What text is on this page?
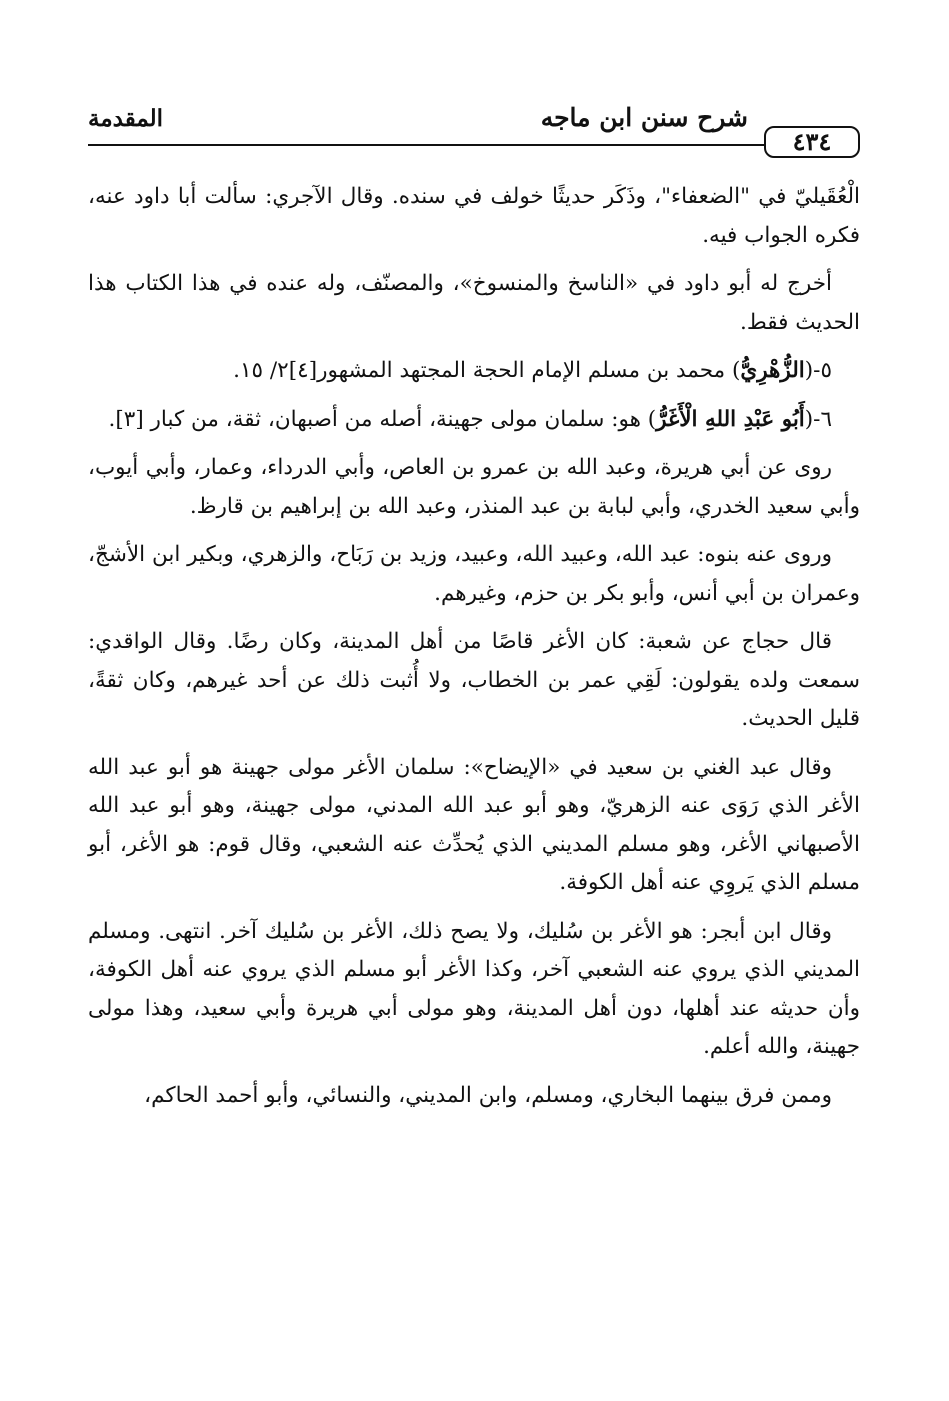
المقدمة	شرح سنن ابن ماجه
٤٣٤

الْعُقَيليّ في "الضعفاء"، وذَكَر حديثًا خولف في سنده. وقال الآجري: سألت أبا داود عنه، فكره الجواب فيه.

أخرج له أبو داود في «الناسخ والمنسوخ»، والمصنّف، وله عنده في هذا الكتاب هذا الحديث فقط.

٥-(الزُّهْرِيُّ) محمد بن مسلم الإمام الحجة المجتهد المشهور[٤]٢/ ١٥.

٦-(أَبُو عَبْدِ اللهِ الْأَغَرُّ) هو: سلمان مولى جهينة، أصله من أصبهان، ثقة، من كبار [٣].

روى عن أبي هريرة، وعبد الله بن عمرو بن العاص، وأبي الدرداء، وعمار، وأبي أيوب، وأبي سعيد الخدري، وأبي لبابة بن عبد المنذر، وعبد الله بن إبراهيم بن قارظ.

وروى عنه بنوه: عبد الله، وعبيد الله، وعبيد، وزيد بن رَبَاح، والزهري، وبكير ابن الأشجّ، وعمران بن أبي أنس، وأبو بكر بن حزم، وغيرهم.

قال حجاج عن شعبة: كان الأغر قاصًا من أهل المدينة، وكان رضًا. وقال الواقدي: سمعت ولده يقولون: لَقِي عمر بن الخطاب، ولا أُثبت ذلك عن أحد غيرهم، وكان ثقةً، قليل الحديث.

وقال عبد الغني بن سعيد في «الإيضاح»: سلمان الأغر مولى جهينة هو أبو عبد الله الأغر الذي رَوَى عنه الزهريّ، وهو أبو عبد الله المدني، مولى جهينة، وهو أبو عبد الله الأصبهاني الأغر، وهو مسلم المديني الذي يُحدِّث عنه الشعبي، وقال قوم: هو الأغر، أبو مسلم الذي يَروِي عنه أهل الكوفة.

وقال ابن أبجر: هو الأغر بن سُليك، ولا يصح ذلك، الأغر بن سُليك آخر. انتهى. ومسلم المديني الذي يروي عنه الشعبي آخر، وكذا الأغر أبو مسلم الذي يروي عنه أهل الكوفة، وأن حديثه عند أهلها، دون أهل المدينة، وهو مولى أبي هريرة وأبي سعيد، وهذا مولى جهينة، والله أعلم.

وممن فرق بينهما البخاري، ومسلم، وابن المديني، والنسائي، وأبو أحمد الحاكم،
